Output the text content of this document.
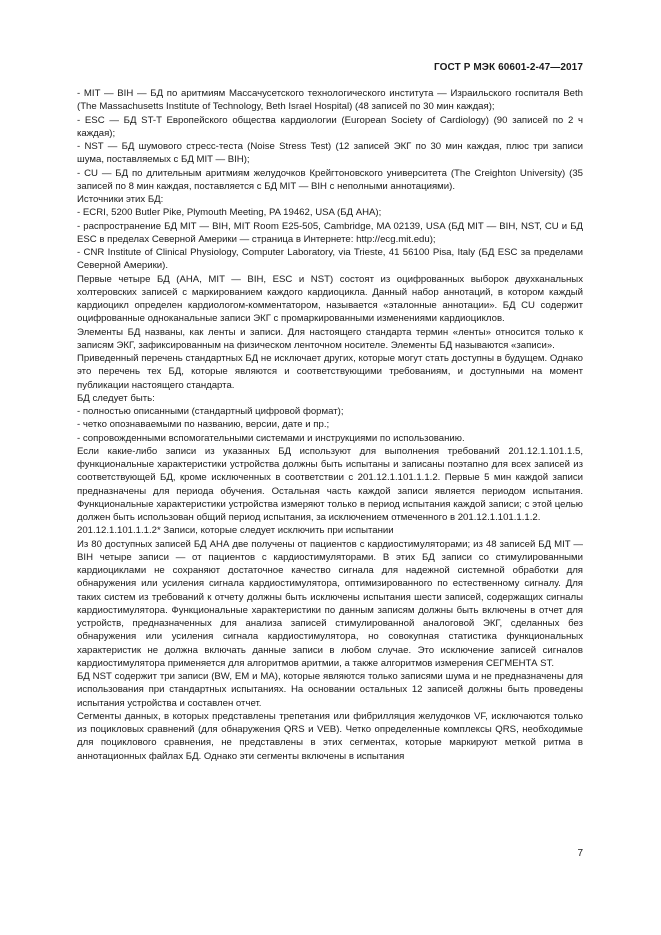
ГОСТ Р МЭК 60601-2-47—2017

- MIT — BIH — БД по аритмиям Массачусетского технологического института — Израильского госпиталя Beth (The Massachusetts Institute of Technology, Beth Israel Hospital) (48 записей по 30 мин каждая);

- ESC — БД ST-T Европейского общества кардиологии (European Society of Cardiology) (90 записей по 2 ч каждая);

- NST — БД шумового стресс-теста (Noise Stress Test) (12 записей ЭКГ по 30 мин каждая, плюс три записи шума, поставляемых с БД MIT — BIH);

- CU — БД по длительным аритмиям желудочков Крейгтоновского университета (The Creighton University) (35 записей по 8 мин каждая, поставляется с БД MIT — BIH с неполными аннотациями).

Источники этих БД:

- ECRI, 5200 Butler Pike, Plymouth Meeting, PA 19462, USA (БД АНА);

- распространение БД MIT — BIH, MIT Room E25-505, Cambridge, MA 02139, USA (БД MIT — BIH, NST, CU и БД ESC в пределах Северной Америки — страница в Интернете: http://ecg.mit.edu);

- CNR Institute of Clinical Physiology, Computer Laboratory, via Trieste, 41 56100 Pisa, Italy (БД ESC за пределами Северной Америки).

Первые четыре БД (АНА, MIT — BIH, ESC и NST) состоят из оцифрованных выборок двухканальных холтеровских записей с маркированием каждого кардиоцикла. Данный набор аннотаций, в котором каждый кардиоцикл определен кардиологом-комментатором, называется «эталонные аннотации». БД CU содержит оцифрованные одноканальные записи ЭКГ с промаркированными изменениями кардиоциклов.

Элементы БД названы, как ленты и записи. Для настоящего стандарта термин «ленты» относится только к записям ЭКГ, зафиксированным на физическом ленточном носителе. Элементы БД называются «записи».

Приведенный перечень стандартных БД не исключает других, которые могут стать доступны в будущем. Однако это перечень тех БД, которые являются и соответствующими требованиям, и доступными на момент публикации настоящего стандарта.

БД следует быть:

- полностью описанными (стандартный цифровой формат);

- четко опознаваемыми по названию, версии, дате и пр.;

- сопровожденными вспомогательными системами и инструкциями по использованию.

Если какие-либо записи из указанных БД используют для выполнения требований 201.12.1.101.1.5, функциональные характеристики устройства должны быть испытаны и записаны поэтапно для всех записей из соответствующей БД, кроме исключенных в соответствии с 201.12.1.101.1.1.2. Первые 5 мин каждой записи предназначены для периода обучения. Остальная часть каждой записи является периодом испытания. Функциональные характеристики устройства измеряют только в период испытания каждой записи; с этой целью должен быть использован общий период испытания, за исключением отмеченного в 201.12.1.101.1.1.2.

201.12.1.101.1.1.2* Записи, которые следует исключить при испытании

Из 80 доступных записей БД АНА две получены от пациентов с кардиостимуляторами; из 48 записей БД MIT — BIH четыре записи — от пациентов с кардиостимуляторами. В этих БД записи со стимулированными кардиоциклами не сохраняют достаточное качество сигнала для надежной системной обработки для обнаружения или усиления сигнала кардиостимулятора, оптимизированного по естественному сигналу. Для таких систем из требований к отчету должны быть исключены испытания шести записей, содержащих сигналы кардиостимулятора. Функциональные характеристики по данным записям должны быть включены в отчет для устройств, предназначенных для анализа записей стимулированной аналоговой ЭКГ, сделанных без обнаружения или усиления сигнала кардиостимулятора, но совокупная статистика функциональных характеристик не должна включать данные записи в любом случае. Это исключение записей сигналов кардиостимулятора применяется для алгоритмов аритмии, а также алгоритмов измерения СЕГМЕНТА ST.

БД NST содержит три записи (BW, EM и MA), которые являются только записями шума и не предназначены для использования при стандартных испытаниях. На основании остальных 12 записей должны быть проведены испытания устройства и составлен отчет.

Сегменты данных, в которых представлены трепетания или фибрилляция желудочков VF, исключаются только из поцикловых сравнений (для обнаружения QRS и VEB). Четко определенные комплексы QRS, необходимые для поциклового сравнения, не представлены в этих сегментах, которые маркируют меткой ритма в аннотационных файлах БД. Однако эти сегменты включены в испытания

7
